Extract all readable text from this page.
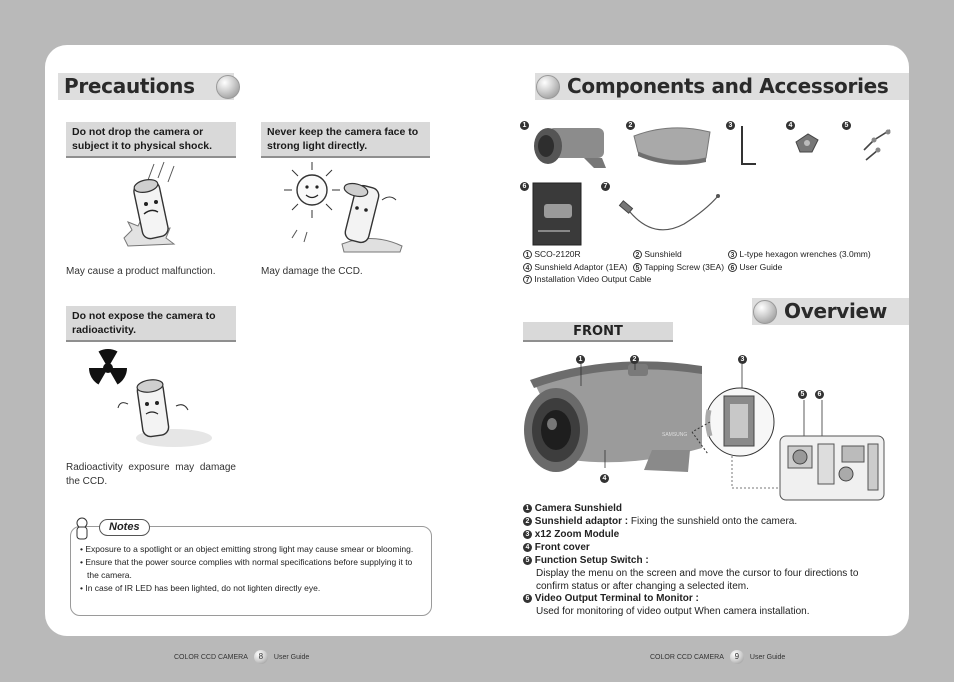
Precautions
Do not drop the camera or subject it to physical shock.
May cause a product malfunction.
Never keep the camera face to strong light directly.
May damage the CCD.
Do not expose the camera to radioactivity.
Radioactivity exposure may damage the CCD.
Notes
• Exposure to a spotlight or an object emitting strong light may cause smear or blooming.
• Ensure that the power source complies with normal specifications before supplying it to the camera.
• In case of IR LED has been lighted, do not lighten directly eye.
COLOR CCD CAMERA 8 User Guide
Components and Accessories
1	2	3	4	5
6	7
1 SCO-2120R	2 Sunshield	3 L-type hexagon wrenches (3.0mm)
4 Sunshield Adaptor (1EA)	5 Tapping Screw (3EA) 6 User Guide
7 Installation Video Output Cable
Overview
FRONT
SAMSUNG
1	2	3
4
5	6
1 Camera Sunshield
2 Sunshield adaptor : Fixing the sunshield onto the camera.
3 x12 Zoom Module
4 Front cover
5 Function Setup Switch :
Display the menu on the screen and move the cursor to four directions to confirm status or after changing a selected item.
6 Video Output Terminal to Monitor :
Used for monitoring of video output When camera installation.
COLOR CCD CAMERA 9 User Guide
